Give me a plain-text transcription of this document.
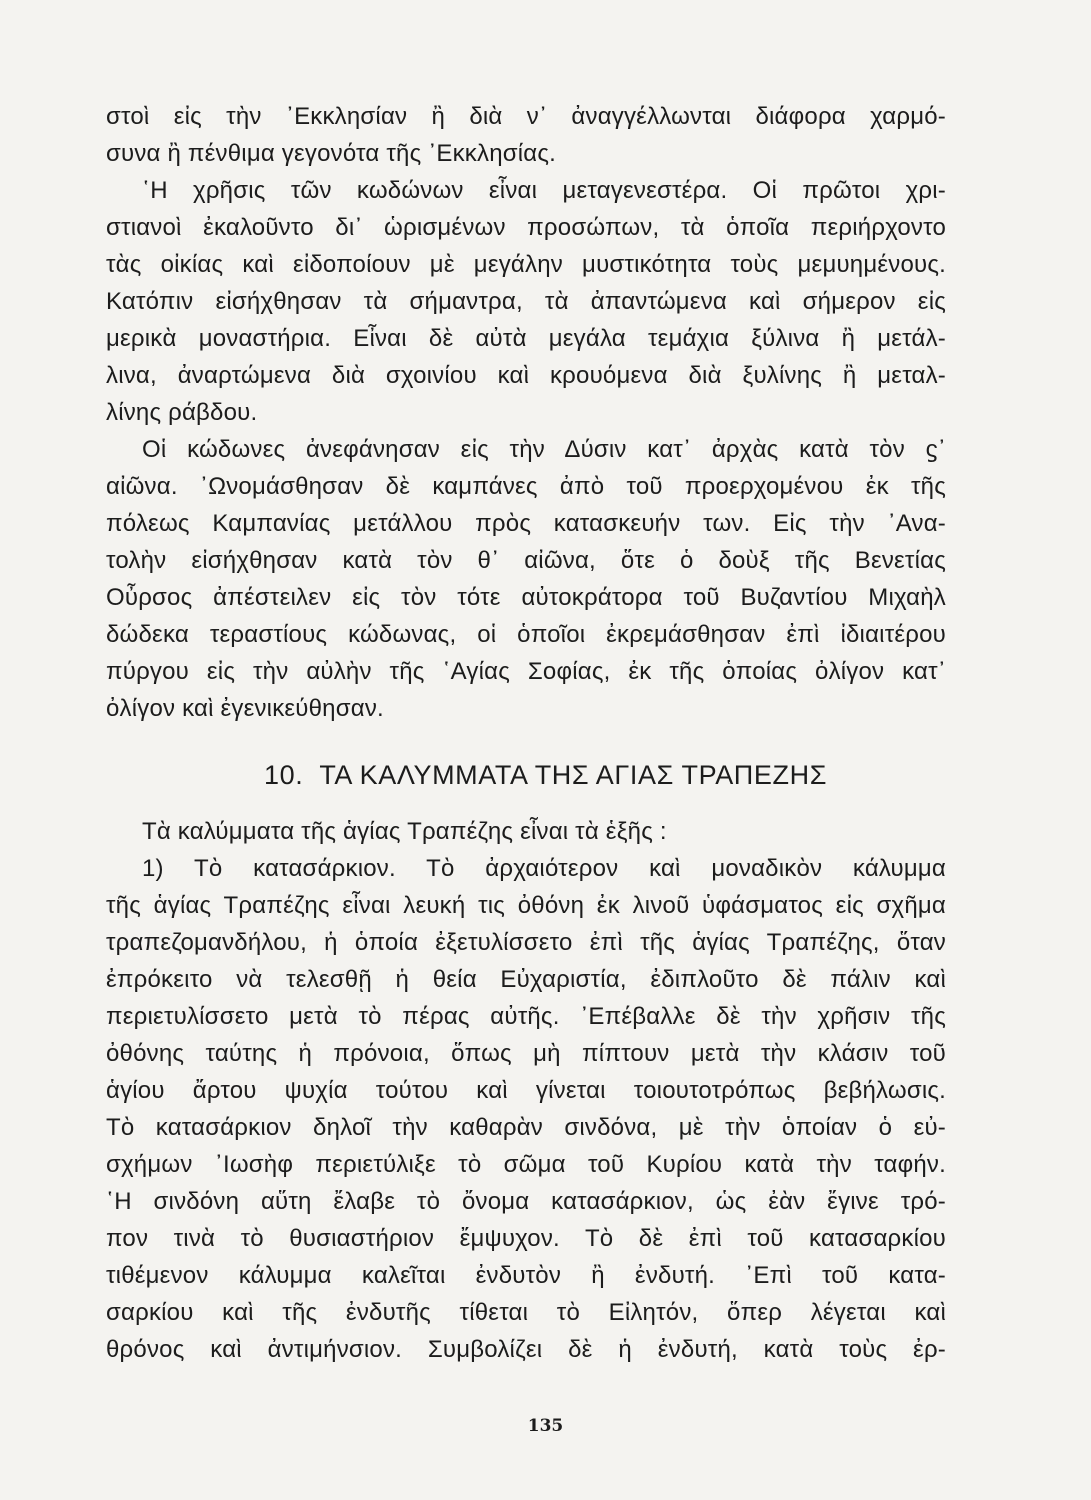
στοὶ εἰς τὴν ᾿Εκκλησίαν ἢ διὰ ν᾿ ἀναγγέλλωνται διάφορα χαρμό-
συνα ἢ πένθιμα γεγονότα τῆς ᾿Εκκλησίας.
῾Η χρῆσις τῶν κωδώνων εἶναι μεταγενεστέρα. Οἱ πρῶτοι χρι-
στιανοὶ ἐκαλοῦντο δι᾿ ὡρισμένων προσώπων, τὰ ὁποῖα περιήρχοντο
τὰς οἰκίας καὶ εἰδοποίουν μὲ μεγάλην μυστικότητα τοὺς μεμυημένους.
Κατόπιν εἰσήχθησαν τὰ σήμαντρα, τὰ ἀπαντώμενα καὶ σήμερον εἰς
μερικὰ μοναστήρια. Εἶναι δὲ αὐτὰ μεγάλα τεμάχια ξύλινα ἢ μετάλ-
λινα, ἀναρτώμενα διὰ σχοινίου καὶ κρουόμενα διὰ ξυλίνης ἢ μεταλ-
λίνης ράβδου.
Οἱ κώδωνες ἀνεφάνησαν εἰς τὴν Δύσιν κατ᾿ ἀρχὰς κατὰ τὸν ϛ᾿
αἰῶνα. ᾿Ωνομάσθησαν δὲ καμπάνες ἀπὸ τοῦ προερχομένου ἐκ τῆς
πόλεως Καμπανίας μετάλλου πρὸς κατασκευήν των. Εἰς τὴν ᾿Ανα-
τολὴν εἰσήχθησαν κατὰ τὸν θ᾿ αἰῶνα, ὅτε ὁ δοὺξ τῆς Βενετίας
Οὖρσος ἀπέστειλεν εἰς τὸν τότε αὐτοκράτορα τοῦ Βυζαντίου Μιχαὴλ
δώδεκα τεραστίους κώδωνας, οἱ ὁποῖοι ἐκρεμάσθησαν ἐπὶ ἰδιαιτέρου
πύργου εἰς τὴν αὐλὴν τῆς ῾Αγίας Σοφίας, ἐκ τῆς ὁποίας ὀλίγον κατ᾿
ὀλίγον καὶ ἐγενικεύθησαν.
10. ΤΑ ΚΑΛΥΜΜΑΤΑ ΤΗΣ ΑΓΙΑΣ ΤΡΑΠΕΖΗΣ
Τὰ καλύμματα τῆς ἁγίας Τραπέζης εἶναι τὰ ἑξῆς :
1) Τὸ κατασάρκιον. Τὸ ἀρχαιότερον καὶ μοναδικὸν κάλυμμα
τῆς ἁγίας Τραπέζης εἶναι λευκή τις ὀθόνη ἐκ λινοῦ ὑφάσματος εἰς σχῆμα
τραπεζομανδήλου, ἡ ὁποία ἐξετυλίσσετο ἐπὶ τῆς ἁγίας Τραπέζης, ὅταν
ἐπρόκειτο νὰ τελεσθῇ ἡ θεία Εὐχαριστία, ἐδιπλοῦτο δὲ πάλιν καὶ
περιετυλίσσετο μετὰ τὸ πέρας αὐτῆς. ᾿Επέβαλλε δὲ τὴν χρῆσιν τῆς
ὀθόνης ταύτης ἡ πρόνοια, ὅπως μὴ πίπτουν μετὰ τὴν κλάσιν τοῦ
ἁγίου ἄρτου ψυχία τούτου καὶ γίνεται τοιουτοτρόπως βεβήλωσις.
Τὸ κατασάρκιον δηλοῖ τὴν καθαρὰν σινδόνα, μὲ τὴν ὁποίαν ὁ εὐ-
σχήμων ᾿Ιωσὴφ περιετύλιξε τὸ σῶμα τοῦ Κυρίου κατὰ τὴν ταφήν.
῾Η σινδόνη αὕτη ἔλαβε τὸ ὄνομα κατασάρκιον, ὡς ἐὰν ἔγινε τρό-
πον τινὰ τὸ θυσιαστήριον ἔμψυχον. Τὸ δὲ ἐπὶ τοῦ κατασαρκίου
τιθέμενον κάλυμμα καλεῖται ἐνδυτὸν ἢ ἐνδυτή. ᾿Επὶ τοῦ κατα-
σαρκίου καὶ τῆς ἐνδυτῆς τίθεται τὸ Εἰλητόν, ὅπερ λέγεται καὶ
θρόνος καὶ ἀντιμήνσιον. Συμβολίζει δὲ ἡ ἐνδυτή, κατὰ τοὺς ἐρ-
135
